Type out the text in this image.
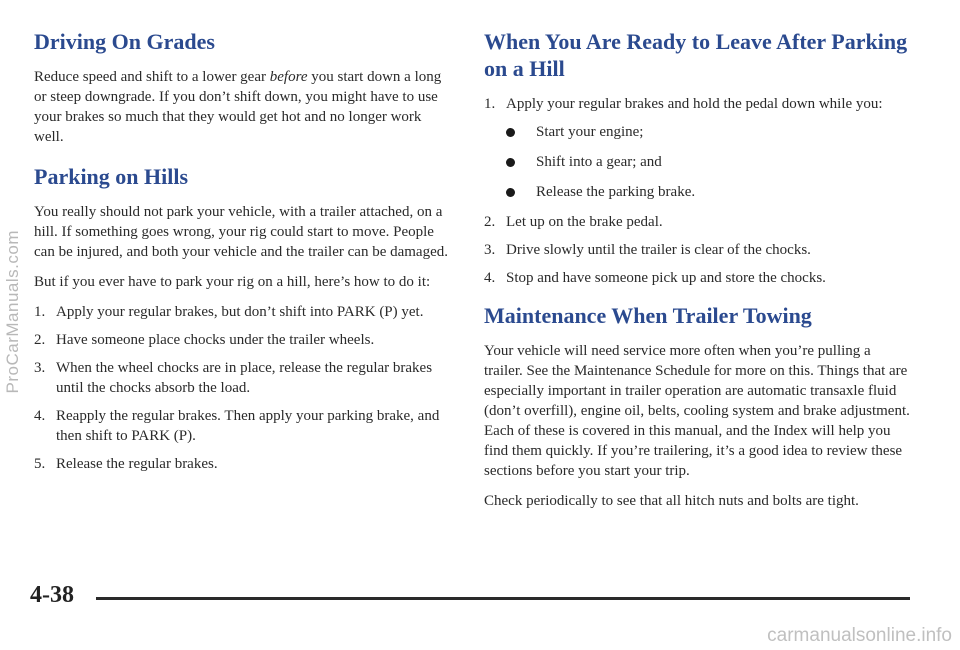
Driving On Grades

Reduce speed and shift to a lower gear before you start down a long or steep downgrade. If you don’t shift down, you might have to use your brakes so much that they would get hot and no longer work well.

Parking on Hills

You really should not park your vehicle, with a trailer attached, on a hill. If something goes wrong, your rig could start to move. People can be injured, and both your vehicle and the trailer can be damaged.

But if you ever have to park your rig on a hill, here’s how to do it:

1. Apply your regular brakes, but don’t shift into PARK (P) yet.
2. Have someone place chocks under the trailer wheels.
3. When the wheel chocks are in place, release the regular brakes until the chocks absorb the load.
4. Reapply the regular brakes. Then apply your parking brake, and then shift to PARK (P).
5. Release the regular brakes.
When You Are Ready to Leave After Parking on a Hill
1. Apply your regular brakes and hold the pedal down while you:
Start your engine;
Shift into a gear; and
Release the parking brake.
2. Let up on the brake pedal.
3. Drive slowly until the trailer is clear of the chocks.
4. Stop and have someone pick up and store the chocks.
Maintenance When Trailer Towing

Your vehicle will need service more often when you’re pulling a trailer. See the Maintenance Schedule for more on this. Things that are especially important in trailer operation are automatic transaxle fluid (don’t overfill), engine oil, belts, cooling system and brake adjustment. Each of these is covered in this manual, and the Index will help you find them quickly. If you’re trailering, it’s a good idea to review these sections before you start your trip.

Check periodically to see that all hitch nuts and bolts are tight.

4-38
ProCarManuals.com
carmanualsonline.info
